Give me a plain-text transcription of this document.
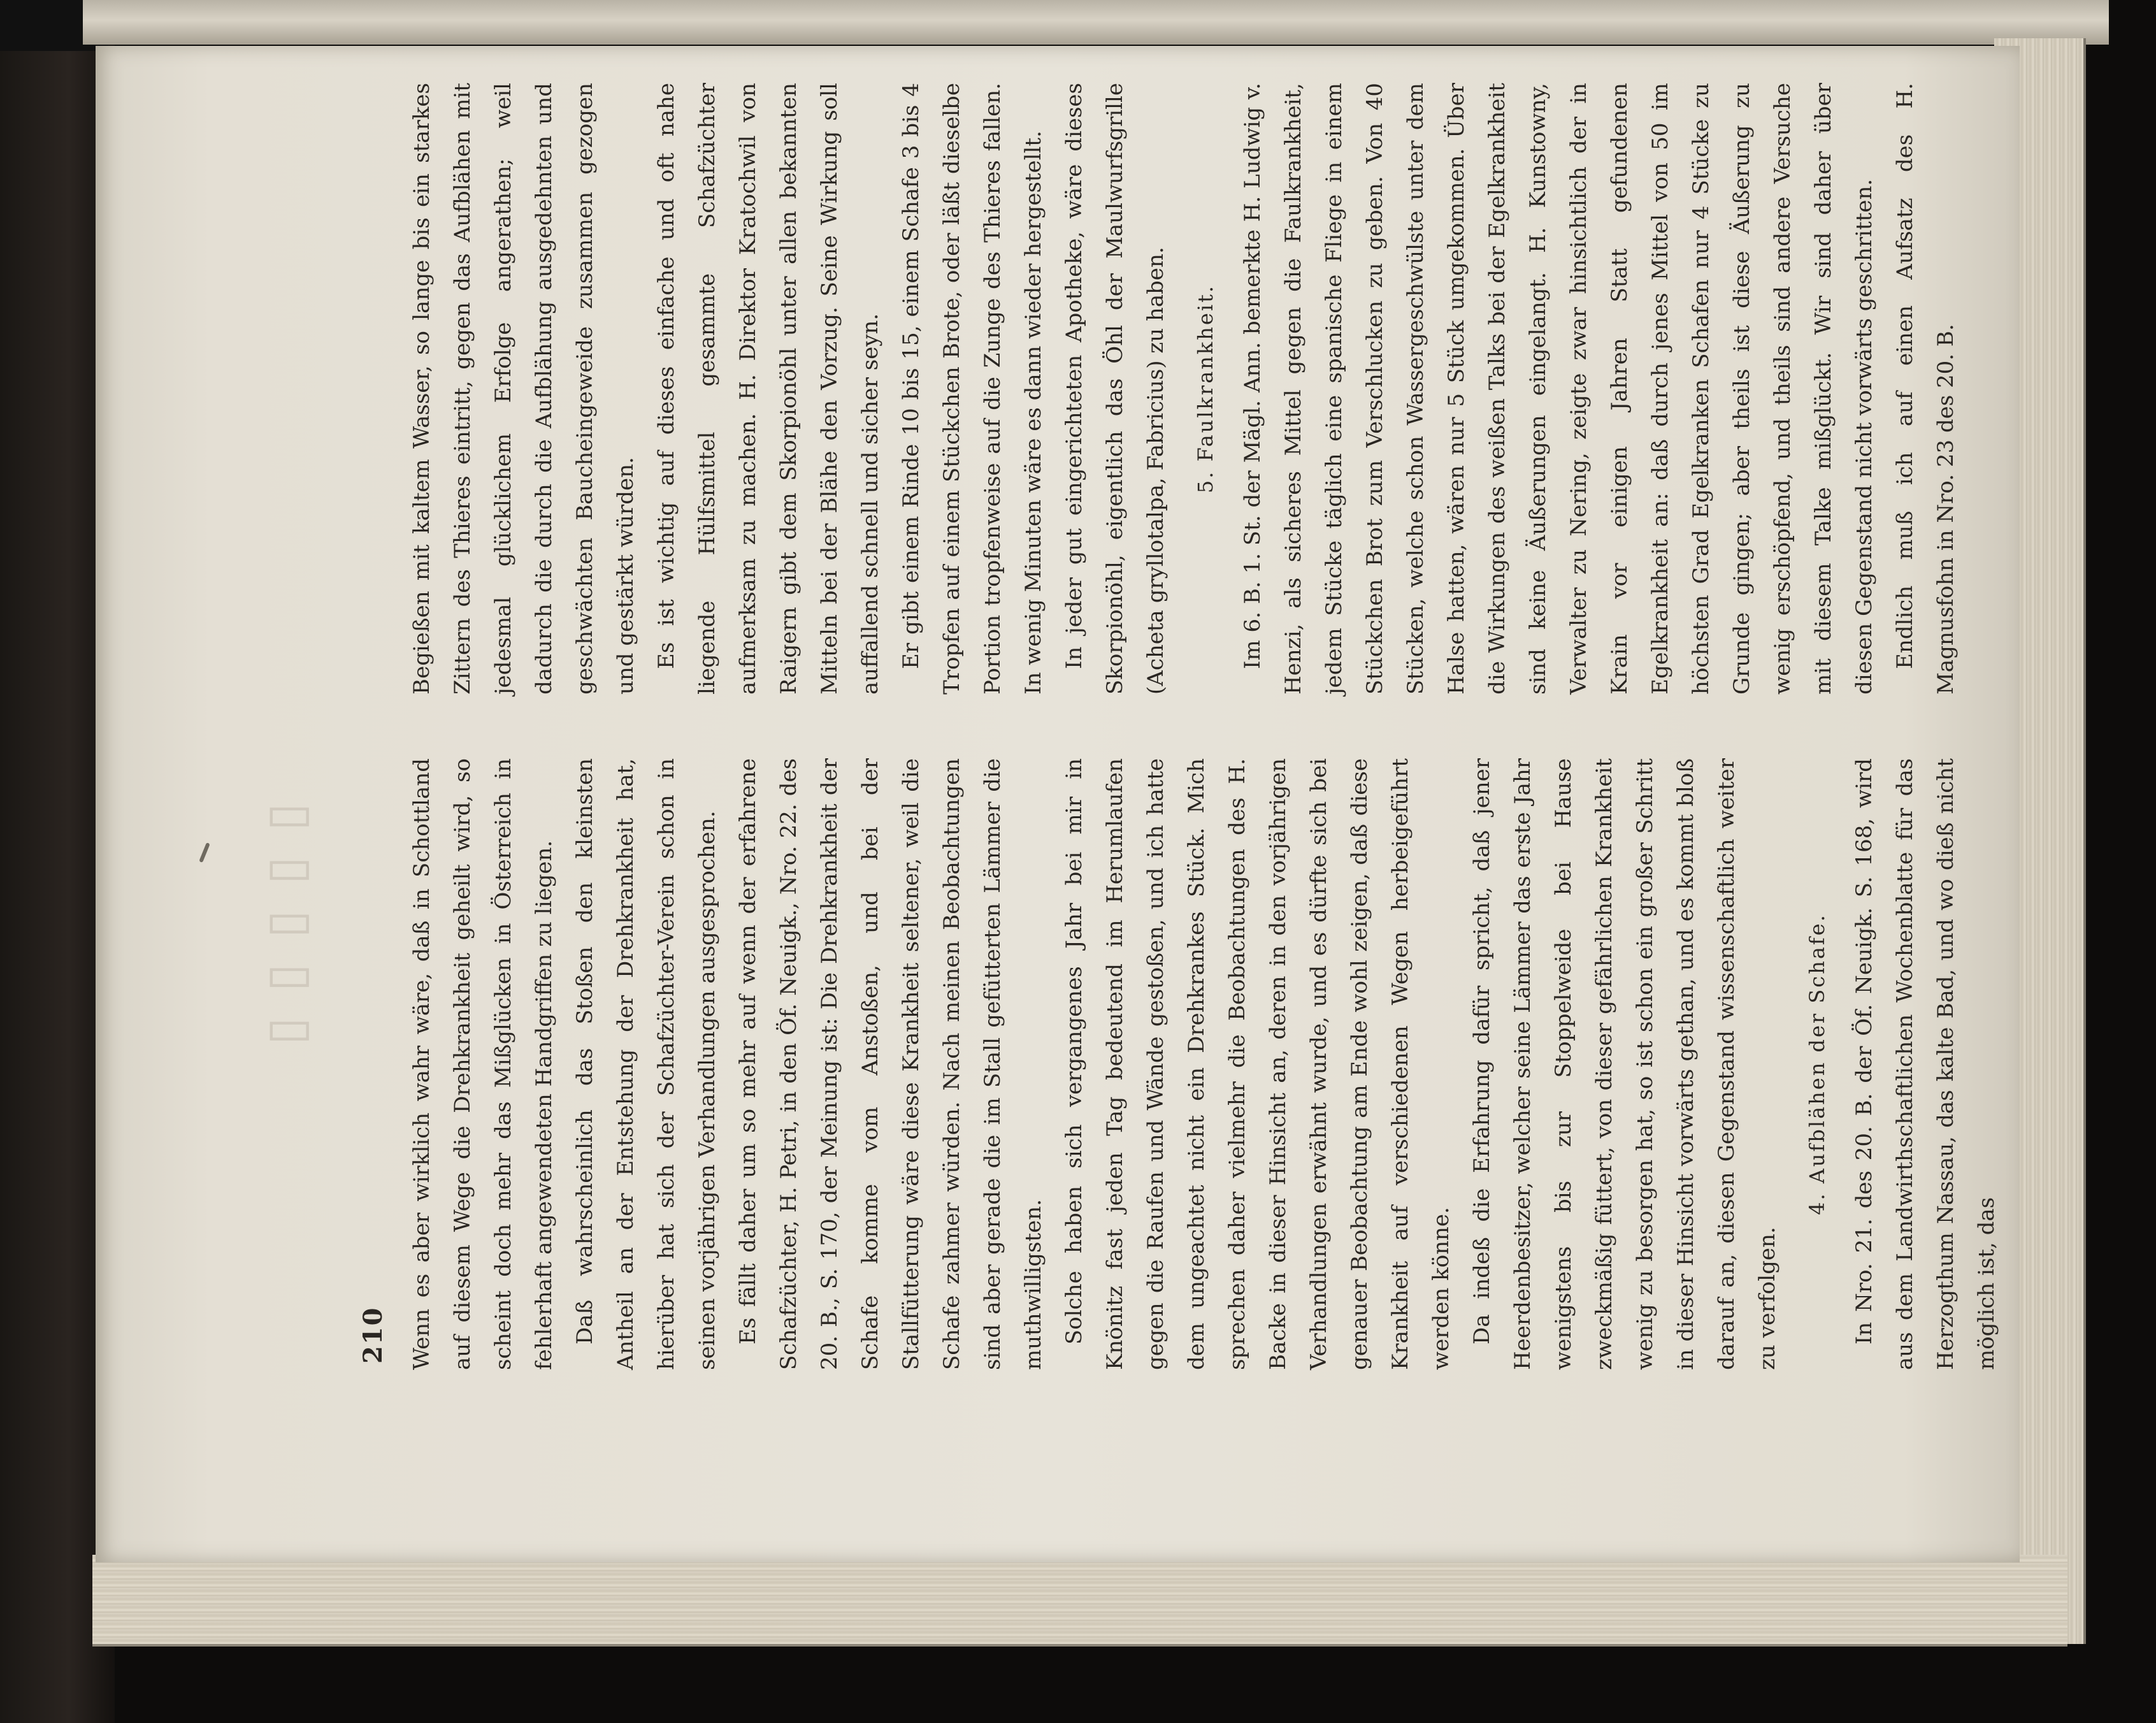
▯▯▯▯▯
210 Wenn es aber wirklich wahr wäre, daß in Schottland auf diesem Wege die Drehkrankheit geheilt wird, so scheint doch mehr das Mißglücken in Österreich in fehlerhaft angewendeten Handgriffen zu liegen. Daß wahrscheinlich das Stoßen den kleinsten Antheil an der Entstehung der Drehkrankheit hat, hierüber hat sich der Schafzüchter-Verein schon in seinen vorjährigen Verhandlungen ausgesprochen. Es fällt daher um so mehr auf wenn der erfahrene Schafzüchter, H. Petri, in den Öf. Neuigk., Nro. 22. des 20. B., S. 170, der Meinung ist: Die Drehkrankheit der Schafe komme vom Anstoßen, und bei der Stallfütterung wäre diese Krankheit seltener, weil die Schafe zahmer würden. Nach meinen Beobachtungen sind aber gerade die im Stall gefütterten Lämmer die muthwilligsten. Solche haben sich vergangenes Jahr bei mir in Knönitz fast jeden Tag bedeutend im Herumlaufen gegen die Raufen und Wände gestoßen, und ich hatte dem ungeachtet nicht ein Drehkrankes Stück. Mich sprechen daher vielmehr die Beobachtungen des H. Backe in dieser Hinsicht an, deren in den vorjährigen Verhandlungen erwähnt wurde, und es dürfte sich bei genauer Beobachtung am Ende wohl zeigen, daß diese Krankheit auf verschiedenen Wegen herbeigeführt werden könne. Da indeß die Erfahrung dafür spricht, daß jener Heerdenbesitzer, welcher seine Lämmer das erste Jahr wenigstens bis zur Stoppelweide bei Hause zweckmäßig füttert, von dieser gefährlichen Krankheit wenig zu besorgen hat, so ist schon ein großer Schritt in dieser Hinsicht vorwärts gethan, und es kommt bloß darauf an, diesen Gegenstand wissenschaftlich weiter zu verfolgen.

4. Aufblähen der Schafe.	In Nro. 21. des 20. B. der Öf. Neuigk. S. 168, wird aus dem Landwirthschaftlichen Wochenblatte für das Herzogthum Nassau, das kalte Bad, und wo dieß nicht möglich ist, das

Begießen mit kaltem Wasser, so lange bis ein starkes Zittern des Thieres eintritt, gegen das Aufblähen mit jedesmal glücklichem Erfolge angerathen; weil dadurch die durch die Aufblähung ausgedehnten und geschwächten Baucheingeweide zusammen gezogen und gestärkt würden. Es ist wichtig auf dieses einfache und oft nahe liegende Hülfsmittel gesammte Schafzüchter aufmerksam zu machen. H. Direktor Kratochwil von Raigern gibt dem Skorpionöhl unter allen bekannten Mitteln bei der Blähe den Vorzug. Seine Wirkung soll auffallend schnell und sicher seyn. Er gibt einem Rinde 10 bis 15, einem Schafe 3 bis 4 Tropfen auf einem Stückchen Brote, oder läßt dieselbe Portion tropfenweise auf die Zunge des Thieres fallen. In wenig Minuten wäre es dann wieder hergestellt. In jeder gut eingerichteten Apotheke, wäre dieses Skorpionöhl, eigentlich das Öhl der Maulwurfsgrille (Acheta gryllotalpa, Fabricius) zu haben.	5. Faulkrankheit.	Im 6. B. 1. St. der Mägl. Ann. bemerkte H. Ludwig v. Henzi, als sicheres Mittel gegen die Faulkrankheit, jedem Stücke täglich eine spanische Fliege in einem Stückchen Brot zum Verschlucken zu geben. Von 40 Stücken, welche schon Wassergeschwülste unter dem Halse hatten, wären nur 5 Stück umgekommen. Über die Wirkungen des weißen Talks bei der Egelkrankheit sind keine Äußerungen eingelangt. H. Kunstowny, Verwalter zu Nering, zeigte zwar hinsichtlich der in Krain vor einigen Jahren Statt gefundenen Egelkrankheit an: daß durch jenes Mittel von 50 im höchsten Grad Egelkranken Schafen nur 4 Stücke zu Grunde gingen; aber theils ist diese Äußerung zu wenig erschöpfend, und theils sind andere Versuche mit diesem Talke mißglückt. Wir sind daher über diesen Gegenstand nicht vorwärts geschritten. Endlich muß ich auf einen Aufsatz des H. Magnusfohn in Nro. 23 des 20. B.
